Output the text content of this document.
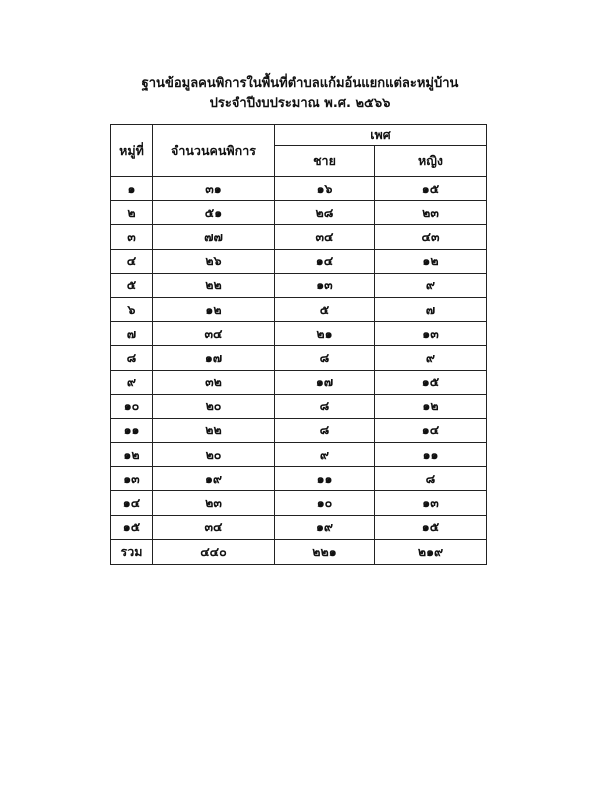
ฐานข้อมูลคนพิการในพื้นที่ตำบลแก้มอ้นแยกแต่ละหมู่บ้าน
ประจำปีงบประมาณ พ.ศ. ๒๕๖๖
หมู่ที่	จำนวนคนพิการ	เพศ	
		ชาย	หญิง
๑	๓๑	๑๖	๑๕
๒	๕๑	๒๘	๒๓
๓	๗๗	๓๔	๔๓
๔	๒๖	๑๔	๑๒
๕	๒๒	๑๓	๙
๖	๑๒	๕	๗
๗	๓๔	๒๑	๑๓
๘	๑๗	๘	๙
๙	๓๒	๑๗	๑๕
๑๐	๒๐	๘	๑๒
๑๑	๒๒	๘	๑๔
๑๒	๒๐	๙	๑๑
๑๓	๑๙	๑๑	๘
๑๔	๒๓	๑๐	๑๓
๑๕	๓๔	๑๙	๑๕
รวม	๔๔๐	๒๒๑	๒๑๙
